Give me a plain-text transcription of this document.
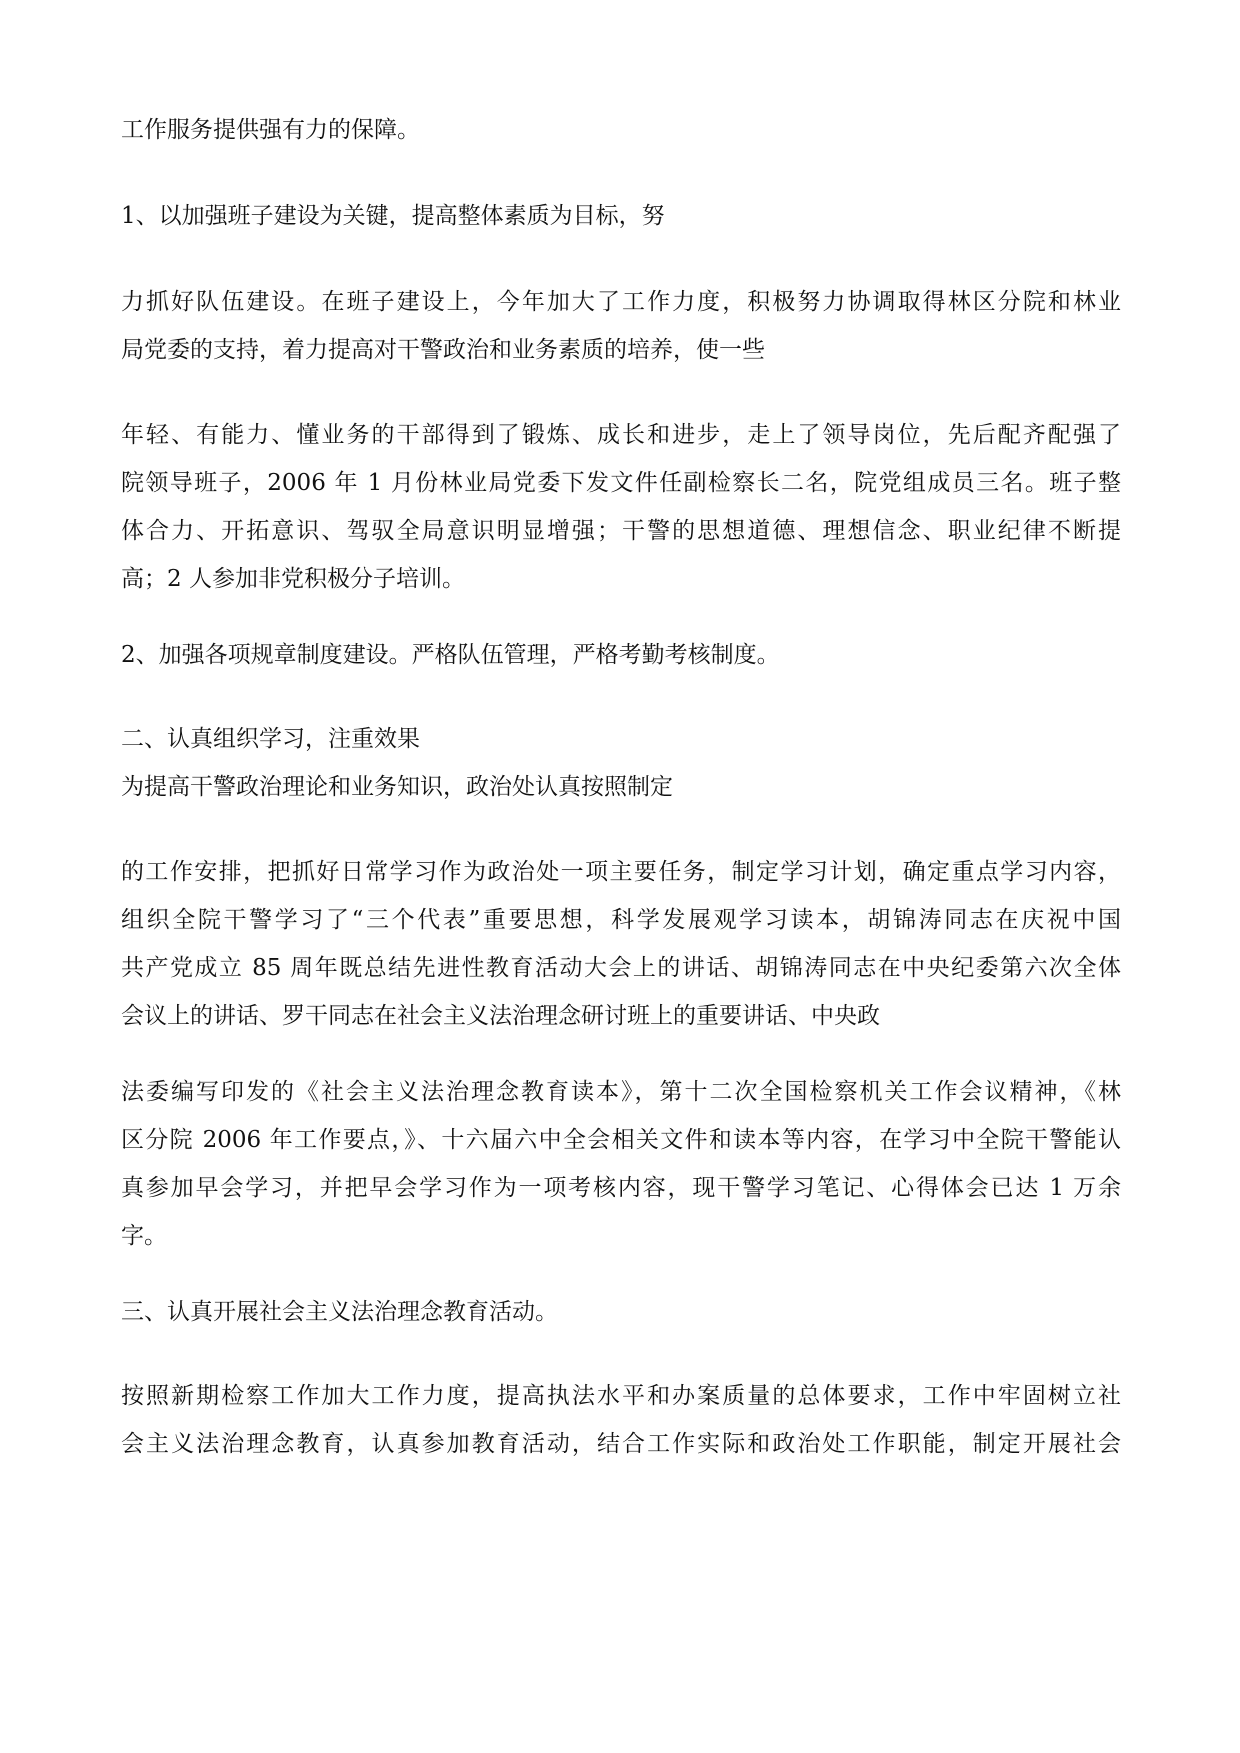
工作服务提供强有力的保障。
1、以加强班子建设为关键，提高整体素质为目标，努
力抓好队伍建设。在班子建设上，今年加大了工作力度，积极努力协调取得林区分院和林业
局党委的支持，着力提高对干警政治和业务素质的培养，使一些
年轻、有能力、懂业务的干部得到了锻炼、成长和进步，走上了领导岗位，先后配齐配强了
院领导班子，2006 年 1 月份林业局党委下发文件任副检察长二名，院党组成员三名。班子整
体合力、开拓意识、驾驭全局意识明显增强；干警的思想道德、理想信念、职业纪律不断提
高；2 人参加非党积极分子培训。
2、加强各项规章制度建设。严格队伍管理，严格考勤考核制度。
二、认真组织学习，注重效果
为提高干警政治理论和业务知识，政治处认真按照制定
的工作安排，把抓好日常学习作为政治处一项主要任务，制定学习计划，确定重点学习内容，
组织全院干警学习了“三个代表”重要思想，科学发展观学习读本，胡锦涛同志在庆祝中国
共产党成立 85 周年既总结先进性教育活动大会上的讲话、胡锦涛同志在中央纪委第六次全体
会议上的讲话、罗干同志在社会主义法治理念研讨班上的重要讲话、中央政
法委编写印发的《社会主义法治理念教育读本》，第十二次全国检察机关工作会议精神，《林
区分院 2006 年工作要点，》、十六届六中全会相关文件和读本等内容，在学习中全院干警能认
真参加早会学习，并把早会学习作为一项考核内容，现干警学习笔记、心得体会已达 1 万余
字。
三、认真开展社会主义法治理念教育活动。
按照新期检察工作加大工作力度，提高执法水平和办案质量的总体要求，工作中牢固树立社
会主义法治理念教育，认真参加教育活动，结合工作实际和政治处工作职能，制定开展社会
